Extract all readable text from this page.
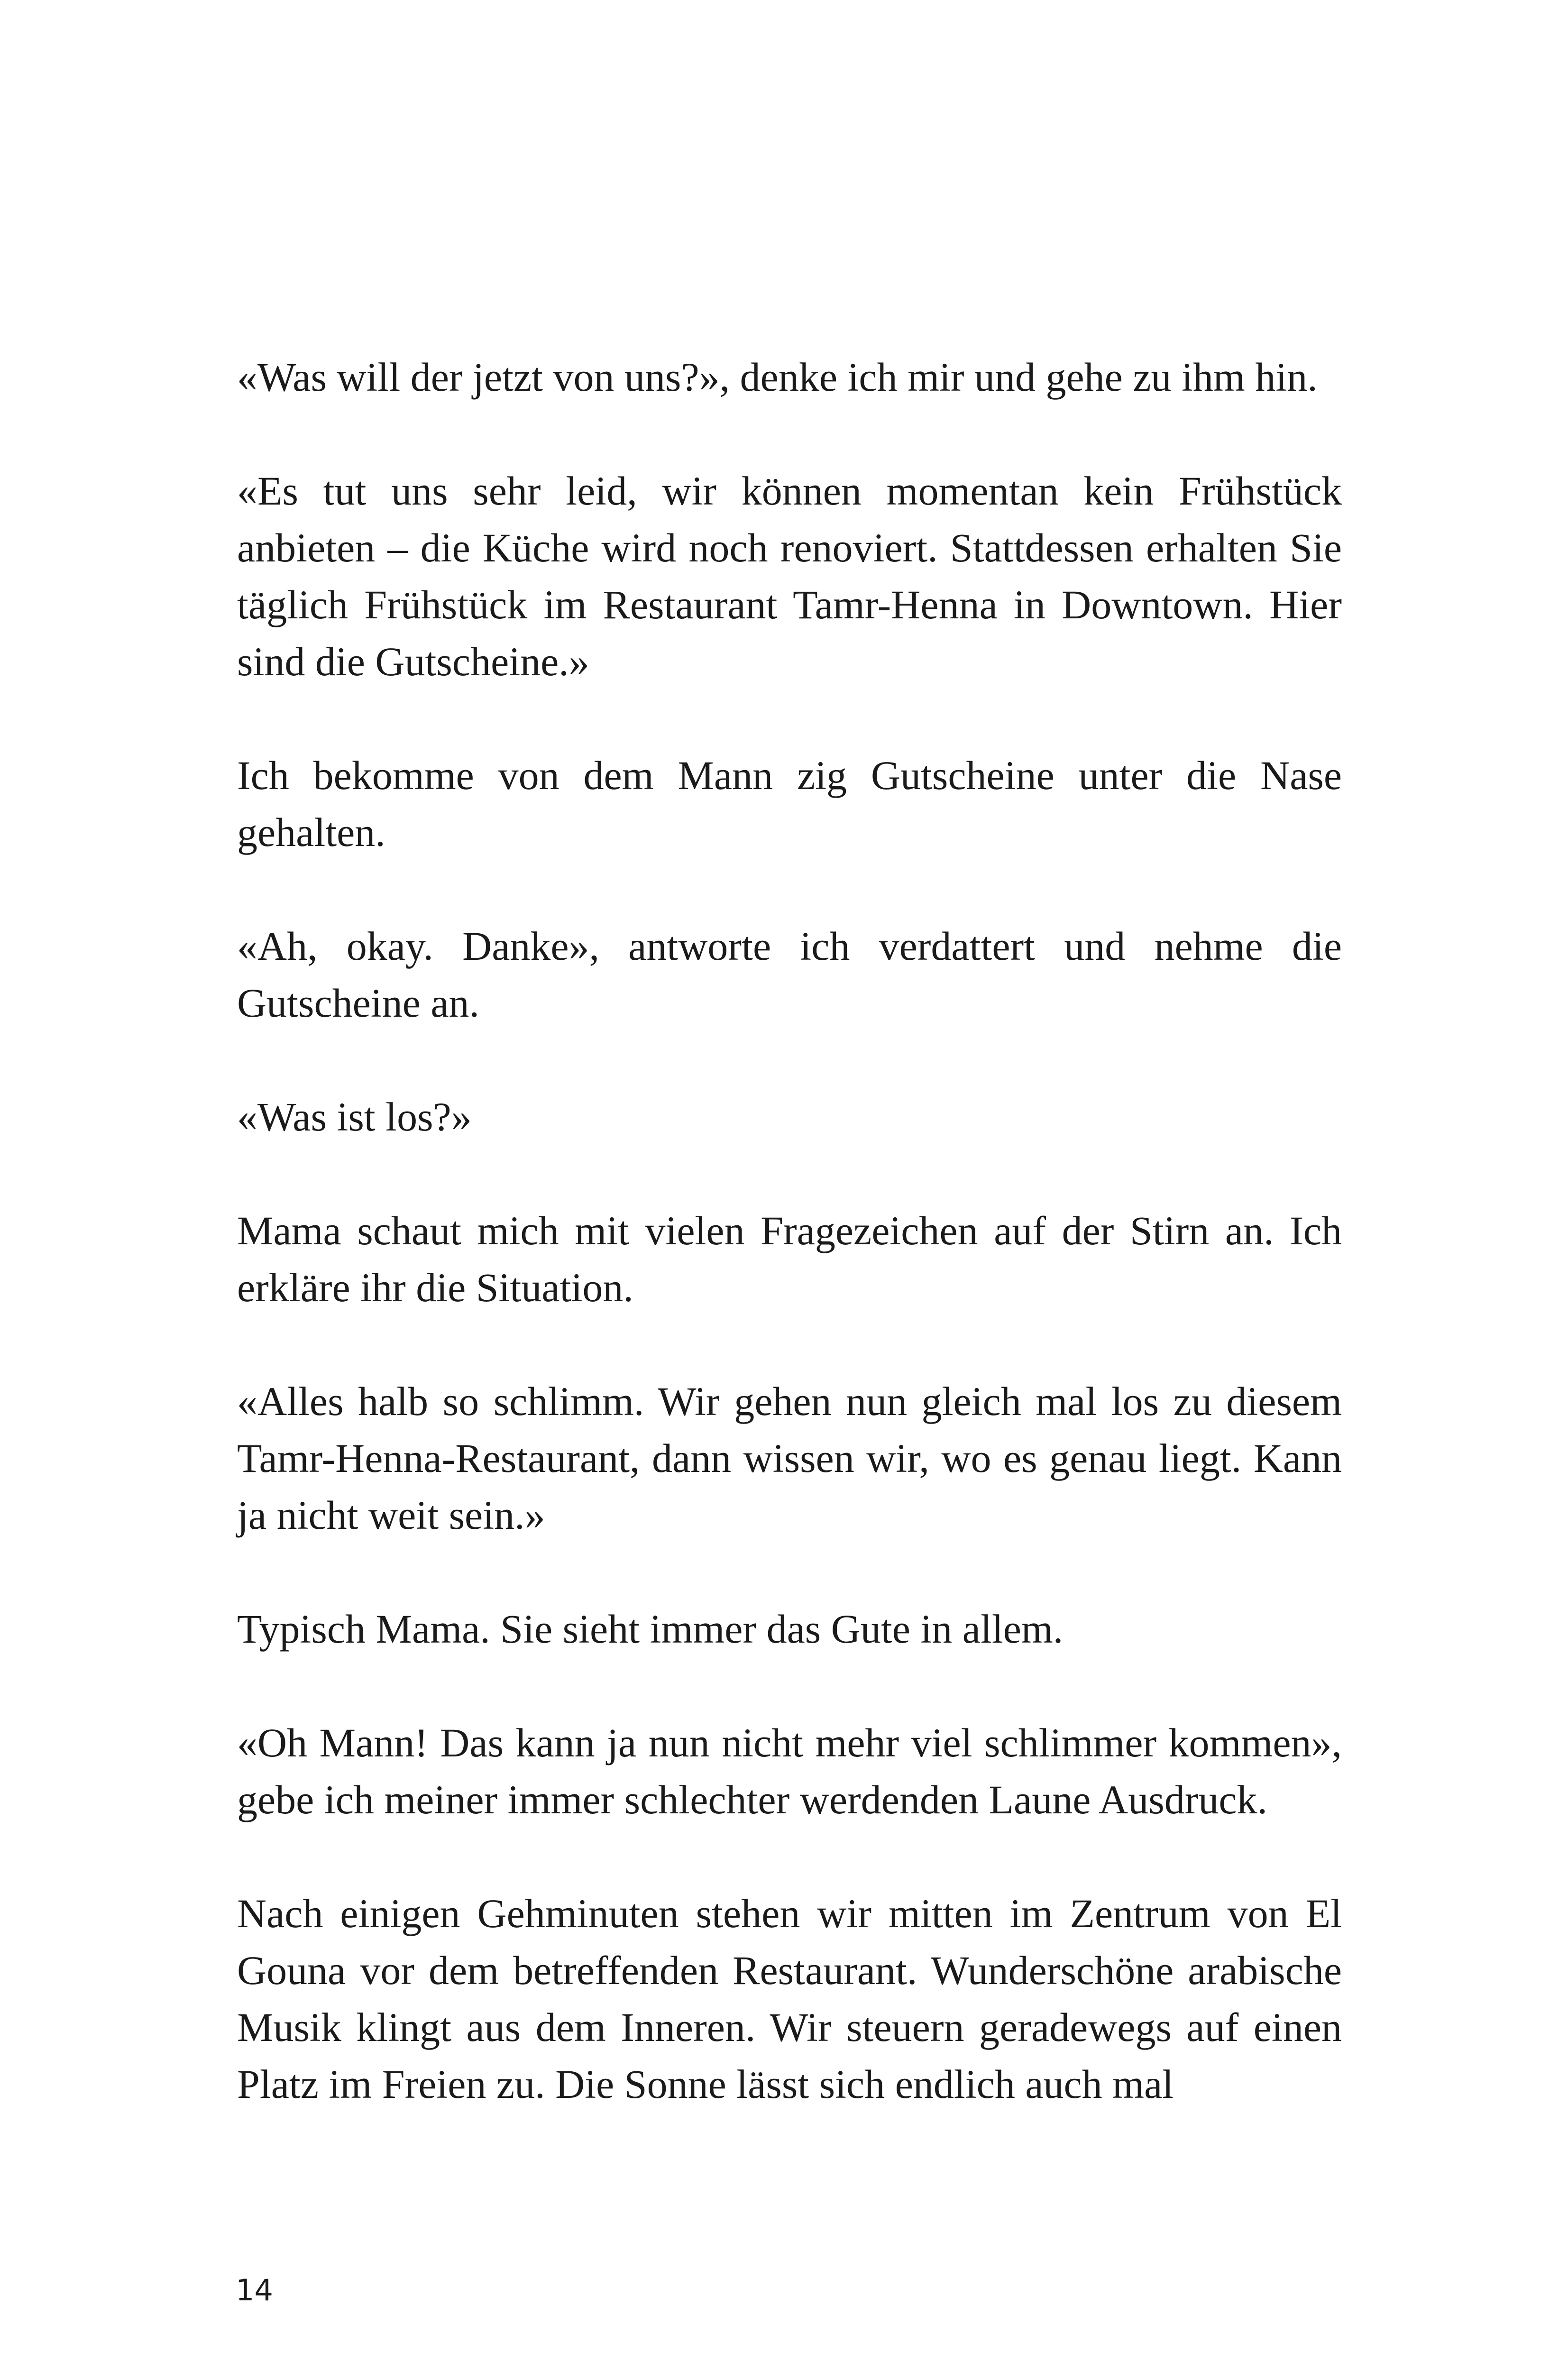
«Was will der jetzt von uns?», denke ich mir und gehe zu ihm hin.

«Es tut uns sehr leid, wir können momentan kein Frühstück anbieten – die Küche wird noch renoviert. Stattdessen erhalten Sie täglich Frühstück im Restaurant Tamr-Henna in Downtown. Hier sind die Gutscheine.»

Ich bekomme von dem Mann zig Gutscheine unter die Nase gehalten.

«Ah, okay. Danke», antworte ich verdattert und nehme die Gutscheine an.

«Was ist los?»

Mama schaut mich mit vielen Fragezeichen auf der Stirn an. Ich erkläre ihr die Situation.

«Alles halb so schlimm. Wir gehen nun gleich mal los zu diesem Tamr-Henna-Restaurant, dann wissen wir, wo es genau liegt. Kann ja nicht weit sein.»

Typisch Mama. Sie sieht immer das Gute in allem.

«Oh Mann! Das kann ja nun nicht mehr viel schlimmer kommen», gebe ich meiner immer schlechter werdenden Laune Ausdruck.

Nach einigen Gehminuten stehen wir mitten im Zentrum von El Gouna vor dem betreffenden Restaurant. Wunderschöne arabische Musik klingt aus dem Inneren. Wir steuern geradewegs auf einen Platz im Freien zu. Die Sonne lässt sich endlich auch mal

14
